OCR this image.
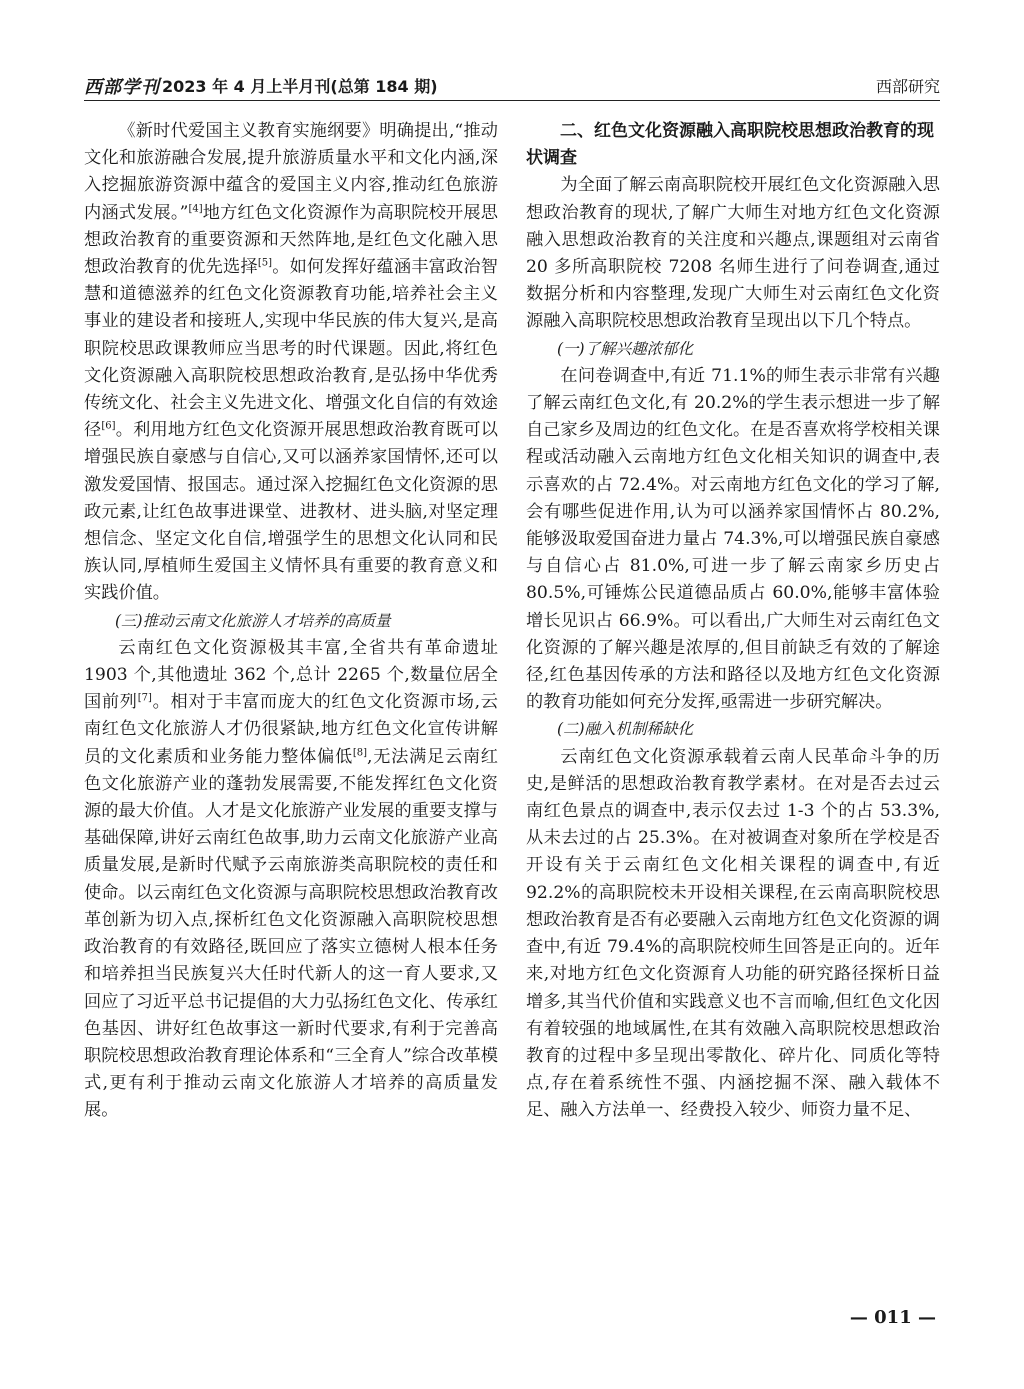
西部学刊 2023 年 4 月上半月刊(总第 184 期)	西部研究

《新时代爱国主义教育实施纲要》明确提出,“推动文化和旅游融合发展,提升旅游质量水平和文化内涵,深入挖掘旅游资源中蕴含的爱国主义内容,推动红色旅游内涵式发展。”[4]地方红色文化资源作为高职院校开展思想政治教育的重要资源和天然阵地,是红色文化融入思想政治教育的优先选择[5]。如何发挥好蕴涵丰富政治智慧和道德滋养的红色文化资源教育功能,培养社会主义事业的建设者和接班人,实现中华民族的伟大复兴,是高职院校思政课教师应当思考的时代课题。因此,将红色文化资源融入高职院校思想政治教育,是弘扬中华优秀传统文化、社会主义先进文化、增强文化自信的有效途径[6]。利用地方红色文化资源开展思想政治教育既可以增强民族自豪感与自信心,又可以涵养家国情怀,还可以激发爱国情、报国志。通过深入挖掘红色文化资源的思政元素,让红色故事进课堂、进教材、进头脑,对坚定理想信念、坚定文化自信,增强学生的思想文化认同和民族认同,厚植师生爱国主义情怀具有重要的教育意义和实践价值。

(三)推动云南文化旅游人才培养的高质量

云南红色文化资源极其丰富,全省共有革命遗址 1903 个,其他遗址 362 个,总计 2265 个,数量位居全国前列[7]。相对于丰富而庞大的红色文化资源市场,云南红色文化旅游人才仍很紧缺,地方红色文化宣传讲解员的文化素质和业务能力整体偏低[8],无法满足云南红色文化旅游产业的蓬勃发展需要,不能发挥红色文化资源的最大价值。人才是文化旅游产业发展的重要支撑与基础保障,讲好云南红色故事,助力云南文化旅游产业高质量发展,是新时代赋予云南旅游类高职院校的责任和使命。以云南红色文化资源与高职院校思想政治教育改革创新为切入点,探析红色文化资源融入高职院校思想政治教育的有效路径,既回应了落实立德树人根本任务和培养担当民族复兴大任时代新人的这一育人要求,又回应了习近平总书记提倡的大力弘扬红色文化、传承红色基因、讲好红色故事这一新时代要求,有利于完善高职院校思想政治教育理论体系和“三全育人”综合改革模式,更有利于推动云南文化旅游人才培养的高质量发展。

二、红色文化资源融入高职院校思想政治教育的现状调查

为全面了解云南高职院校开展红色文化资源融入思想政治教育的现状,了解广大师生对地方红色文化资源融入思想政治教育的关注度和兴趣点,课题组对云南省 20 多所高职院校 7208 名师生进行了问卷调查,通过数据分析和内容整理,发现广大师生对云南红色文化资源融入高职院校思想政治教育呈现出以下几个特点。

(一)了解兴趣浓郁化

在问卷调查中,有近 71.1%的师生表示非常有兴趣了解云南红色文化,有 20.2%的学生表示想进一步了解自己家乡及周边的红色文化。在是否喜欢将学校相关课程或活动融入云南地方红色文化相关知识的调查中,表示喜欢的占 72.4%。对云南地方红色文化的学习了解,会有哪些促进作用,认为可以涵养家国情怀占 80.2%,能够汲取爱国奋进力量占 74.3%,可以增强民族自豪感与自信心占 81.0%,可进一步了解云南家乡历史占 80.5%,可锤炼公民道德品质占 60.0%,能够丰富体验增长见识占 66.9%。可以看出,广大师生对云南红色文化资源的了解兴趣是浓厚的,但目前缺乏有效的了解途径,红色基因传承的方法和路径以及地方红色文化资源的教育功能如何充分发挥,亟需进一步研究解决。

(二)融入机制稀缺化

云南红色文化资源承载着云南人民革命斗争的历史,是鲜活的思想政治教育教学素材。在对是否去过云南红色景点的调查中,表示仅去过 1-3 个的占 53.3%,从未去过的占 25.3%。在对被调查对象所在学校是否开设有关于云南红色文化相关课程的调查中,有近 92.2%的高职院校未开设相关课程,在云南高职院校思想政治教育是否有必要融入云南地方红色文化资源的调查中,有近 79.4%的高职院校师生回答是正向的。近年来,对地方红色文化资源育人功能的研究路径探析日益增多,其当代价值和实践意义也不言而喻,但红色文化因有着较强的地域属性,在其有效融入高职院校思想政治教育的过程中多呈现出零散化、碎片化、同质化等特点,存在着系统性不强、内涵挖掘不深、融入载体不足、融入方法单一、经费投入较少、师资力量不足、

— 011 —
